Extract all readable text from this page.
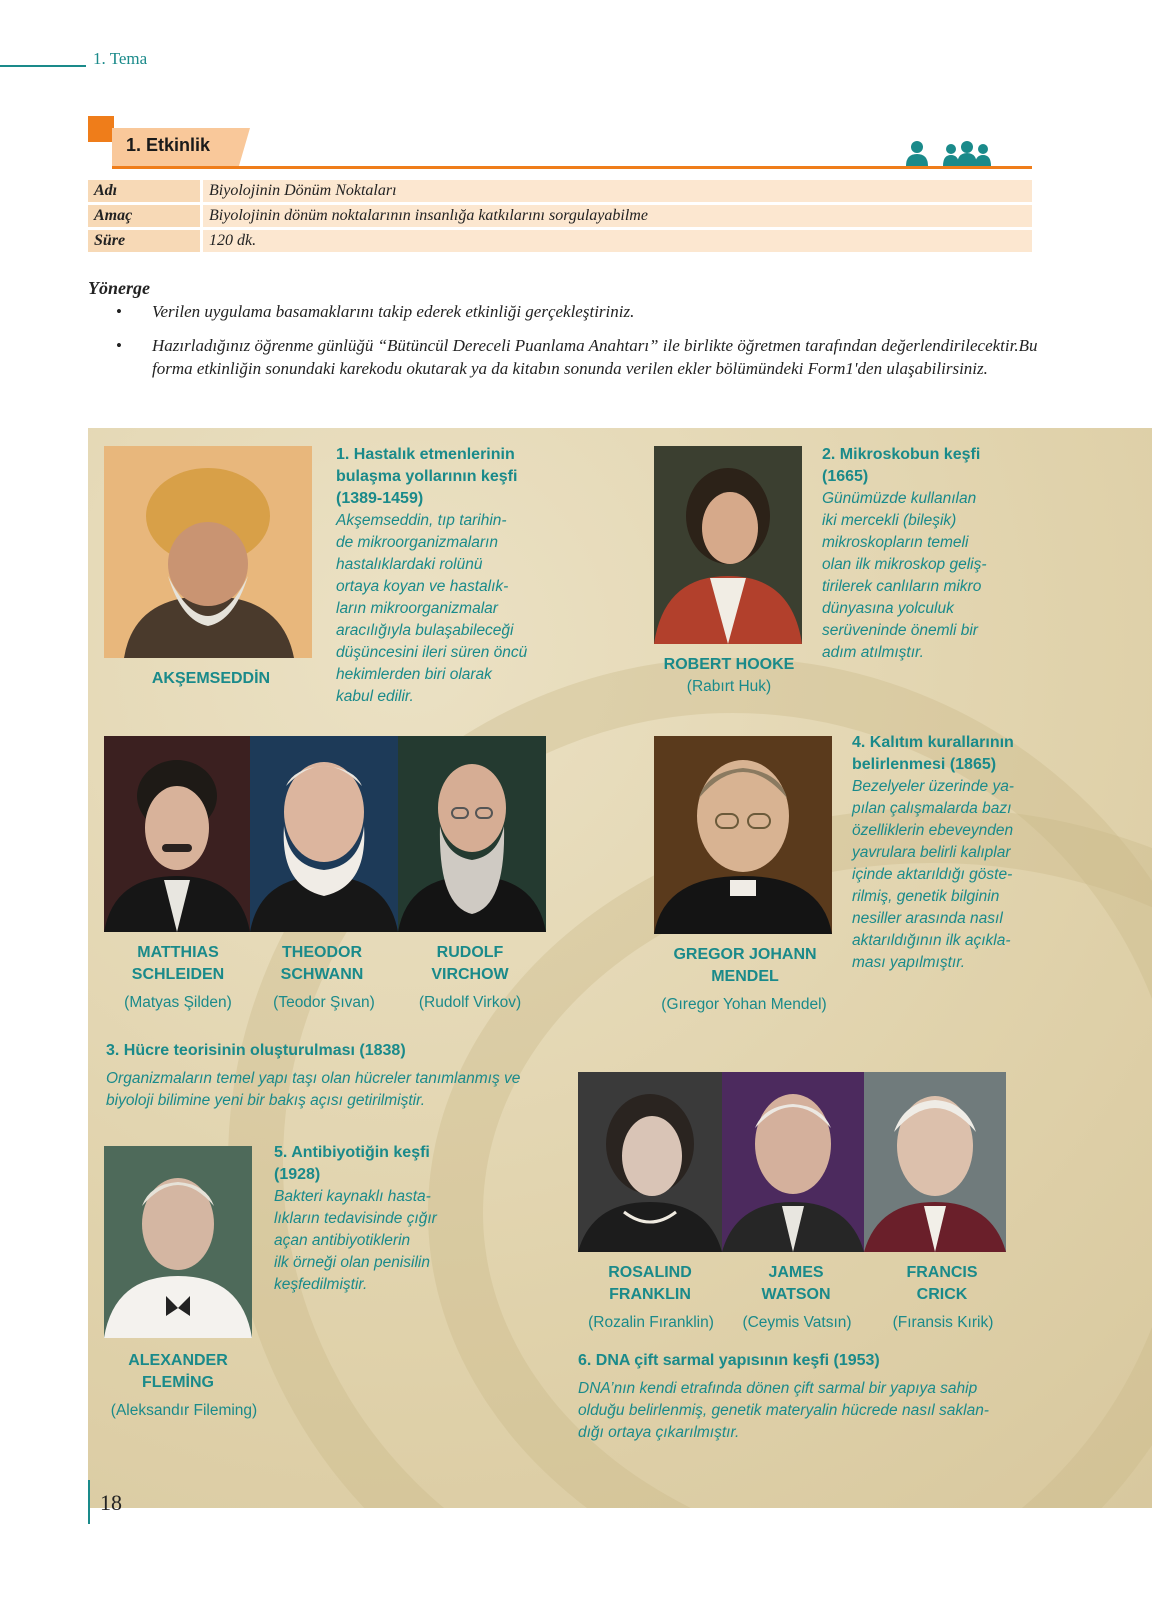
1. Tema
1. Etkinlik
Adı	Biyolojinin Dönüm Noktaları
Amaç	Biyolojinin dönüm noktalarının insanlığa katkılarını sorgulayabilme
Süre	120 dk.
Yönerge
• Verilen uygulama basamaklarını takip ederek etkinliği gerçekleştiriniz.
• Hazırladığınız öğrenme günlüğü “Bütüncül Dereceli Puanlama Anahtarı” ile birlikte öğretmen tarafından değerlendirilecektir.Bu forma etkinliğin sonundaki karekodu okutarak ya da kitabın sonunda verilen ekler bölümündeki Form1'den ulaşabilirsiniz.
AKŞEMSEDDİN
1. Hastalık etmenlerinin
bulaşma yollarının keşfi
(1389-1459)
Akşemseddin, tıp tarihin-
de mikroorganizmaların
hastalıklardaki rolünü
ortaya koyan ve hastalık-
ların mikroorganizmalar
aracılığıyla bulaşabileceği
düşüncesini ileri süren öncü
hekimlerden biri olarak
kabul edilir.
ROBERT HOOKE
(Rabırt Huk)
2. Mikroskobun keşfi
(1665)
Günümüzde kullanılan
iki mercekli (bileşik)
mikroskopların temeli
olan ilk mikroskop geliş-
tirilerek canlıların mikro
dünyasına yolculuk
serüveninde önemli bir
adım atılmıştır.
MATTHIAS
SCHLEIDEN
THEODOR
SCHWANN
RUDOLF
VIRCHOW
(Matyas Şilden)	(Teodor Şıvan)	(Rudolf Virkov)
3. Hücre teorisinin oluşturulması (1838)
Organizmaların temel yapı taşı olan hücreler tanımlanmış ve
biyoloji bilimine yeni bir bakış açısı getirilmiştir.
GREGOR JOHANN
MENDEL
(Gıregor Yohan Mendel)
4. Kalıtım kurallarının
belirlenmesi (1865)
Bezelyeler üzerinde ya-
pılan çalışmalarda bazı
özelliklerin ebeveynden
yavrulara belirli kalıplar
içinde aktarıldığı göste-
rilmiş, genetik bilginin
nesiller arasında nasıl
aktarıldığının ilk açıkla-
ması yapılmıştır.
ALEXANDER
FLEMİNG
(Aleksandır Fileming)
5. Antibiyotiğin keşfi
(1928)
Bakteri kaynaklı hasta-
lıkların tedavisinde çığır
açan antibiyotiklerin
ilk örneği olan penisilin
keşfedilmiştir.
ROSALIND
FRANKLIN
JAMES
WATSON
FRANCIS
CRICK
(Rozalin Fıranklin)	(Ceymis Vatsın)	(Fıransis Kırik)
6. DNA çift sarmal yapısının keşfi (1953)
DNA’nın kendi etrafında dönen çift sarmal bir yapıya sahip
olduğu belirlenmiş, genetik materyalin hücrede nasıl saklan-
dığı ortaya çıkarılmıştır.
18
